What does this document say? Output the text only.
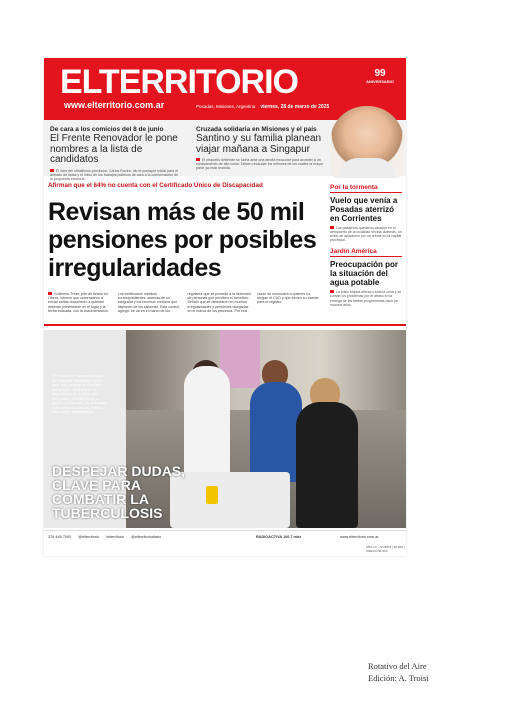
ELTERRITORIO
www.elterritorio.com.ar	Posadas, Misiones, Argentina viernes, 28 de marzo de 2025
99
ANIVERSARIO
De cara a los comicios del 8 de junio
El Frente Renovador le pone nombres a la lista de candidatos
El líder del oficialismo provincial, Carlos Rovira, dio el puntapié inicial para el armado de listas y el inicio de los trabajos políticos de cara a la conformación de la propuesta electoral.
Cruzada solidaria en Misiones y el país
Santino y su familia planean viajar mañana a Singapur
El pequeño defiende su lucha ante una atrofia muscular para acceder a un medicamento de alto costo. Deben recaudar los millones de los cuales la mayor parte ya está reunida.
Afirman que el 64% no cuenta con el Certificado Único de Discapacidad
Revisan más de 50 mil pensiones por posibles irregularidades
Guillermo Trezé, jefe de Anses en Oberá, informó que comenzaron a enviar cartas documento a quienes deberán presentarse en el lugar y la fecha indicada, con la documentación. Los certificados médicos correspondientes, además de un ecografía y los recursos médicos que disponen de los sistemas. Este control, agregó, se da en el marco de los regulares que se procede a la detección de personas que perciben el beneficio. Señaló que se detectaron en muchos irregularidades y pensiones otorgadas en el marco de los procesos. Por esa razón se convocará a quienes no tengan el CUD y que inicien su trámite para el registro.
Por la tormenta
Vuelo que venía a Posadas aterrizó en Corrientes
Los pasajeros quedaron varados en el aeropuerto de la localidad vecina. Además, un avión de aplicación por un rebote en la capital provincial.
Jardín América
Preocupación por la situación del agua potable
La crisis hídrica afecta a toda la zona y se suman los problemas por el atraso en la entrega de las tareas programadas hace ya muchos años.
El Servicio de Neumotisiología del Hospital Madariaga instaló ayer una jornada de difusión y prevención. Destacaron la importancia de la detección temprana y el tratamiento a quienes presentan los síntomas más comunes con tos, fiebre y dificultades respiratorias.
DESPEJAR DUDAS, CLAVE PARA COMBATIR LA TUBERCULOSIS
376 446 7000 @elterritorio /elterritorio @elterritoriodiario	RADIOACTIVA 100.7 mhz	www.elterritorio.com.ar
AÑO LX - N°25052 | $1.600 | PRECIO $1.500
Rotativo del Aire
Edición: A. Troisi
